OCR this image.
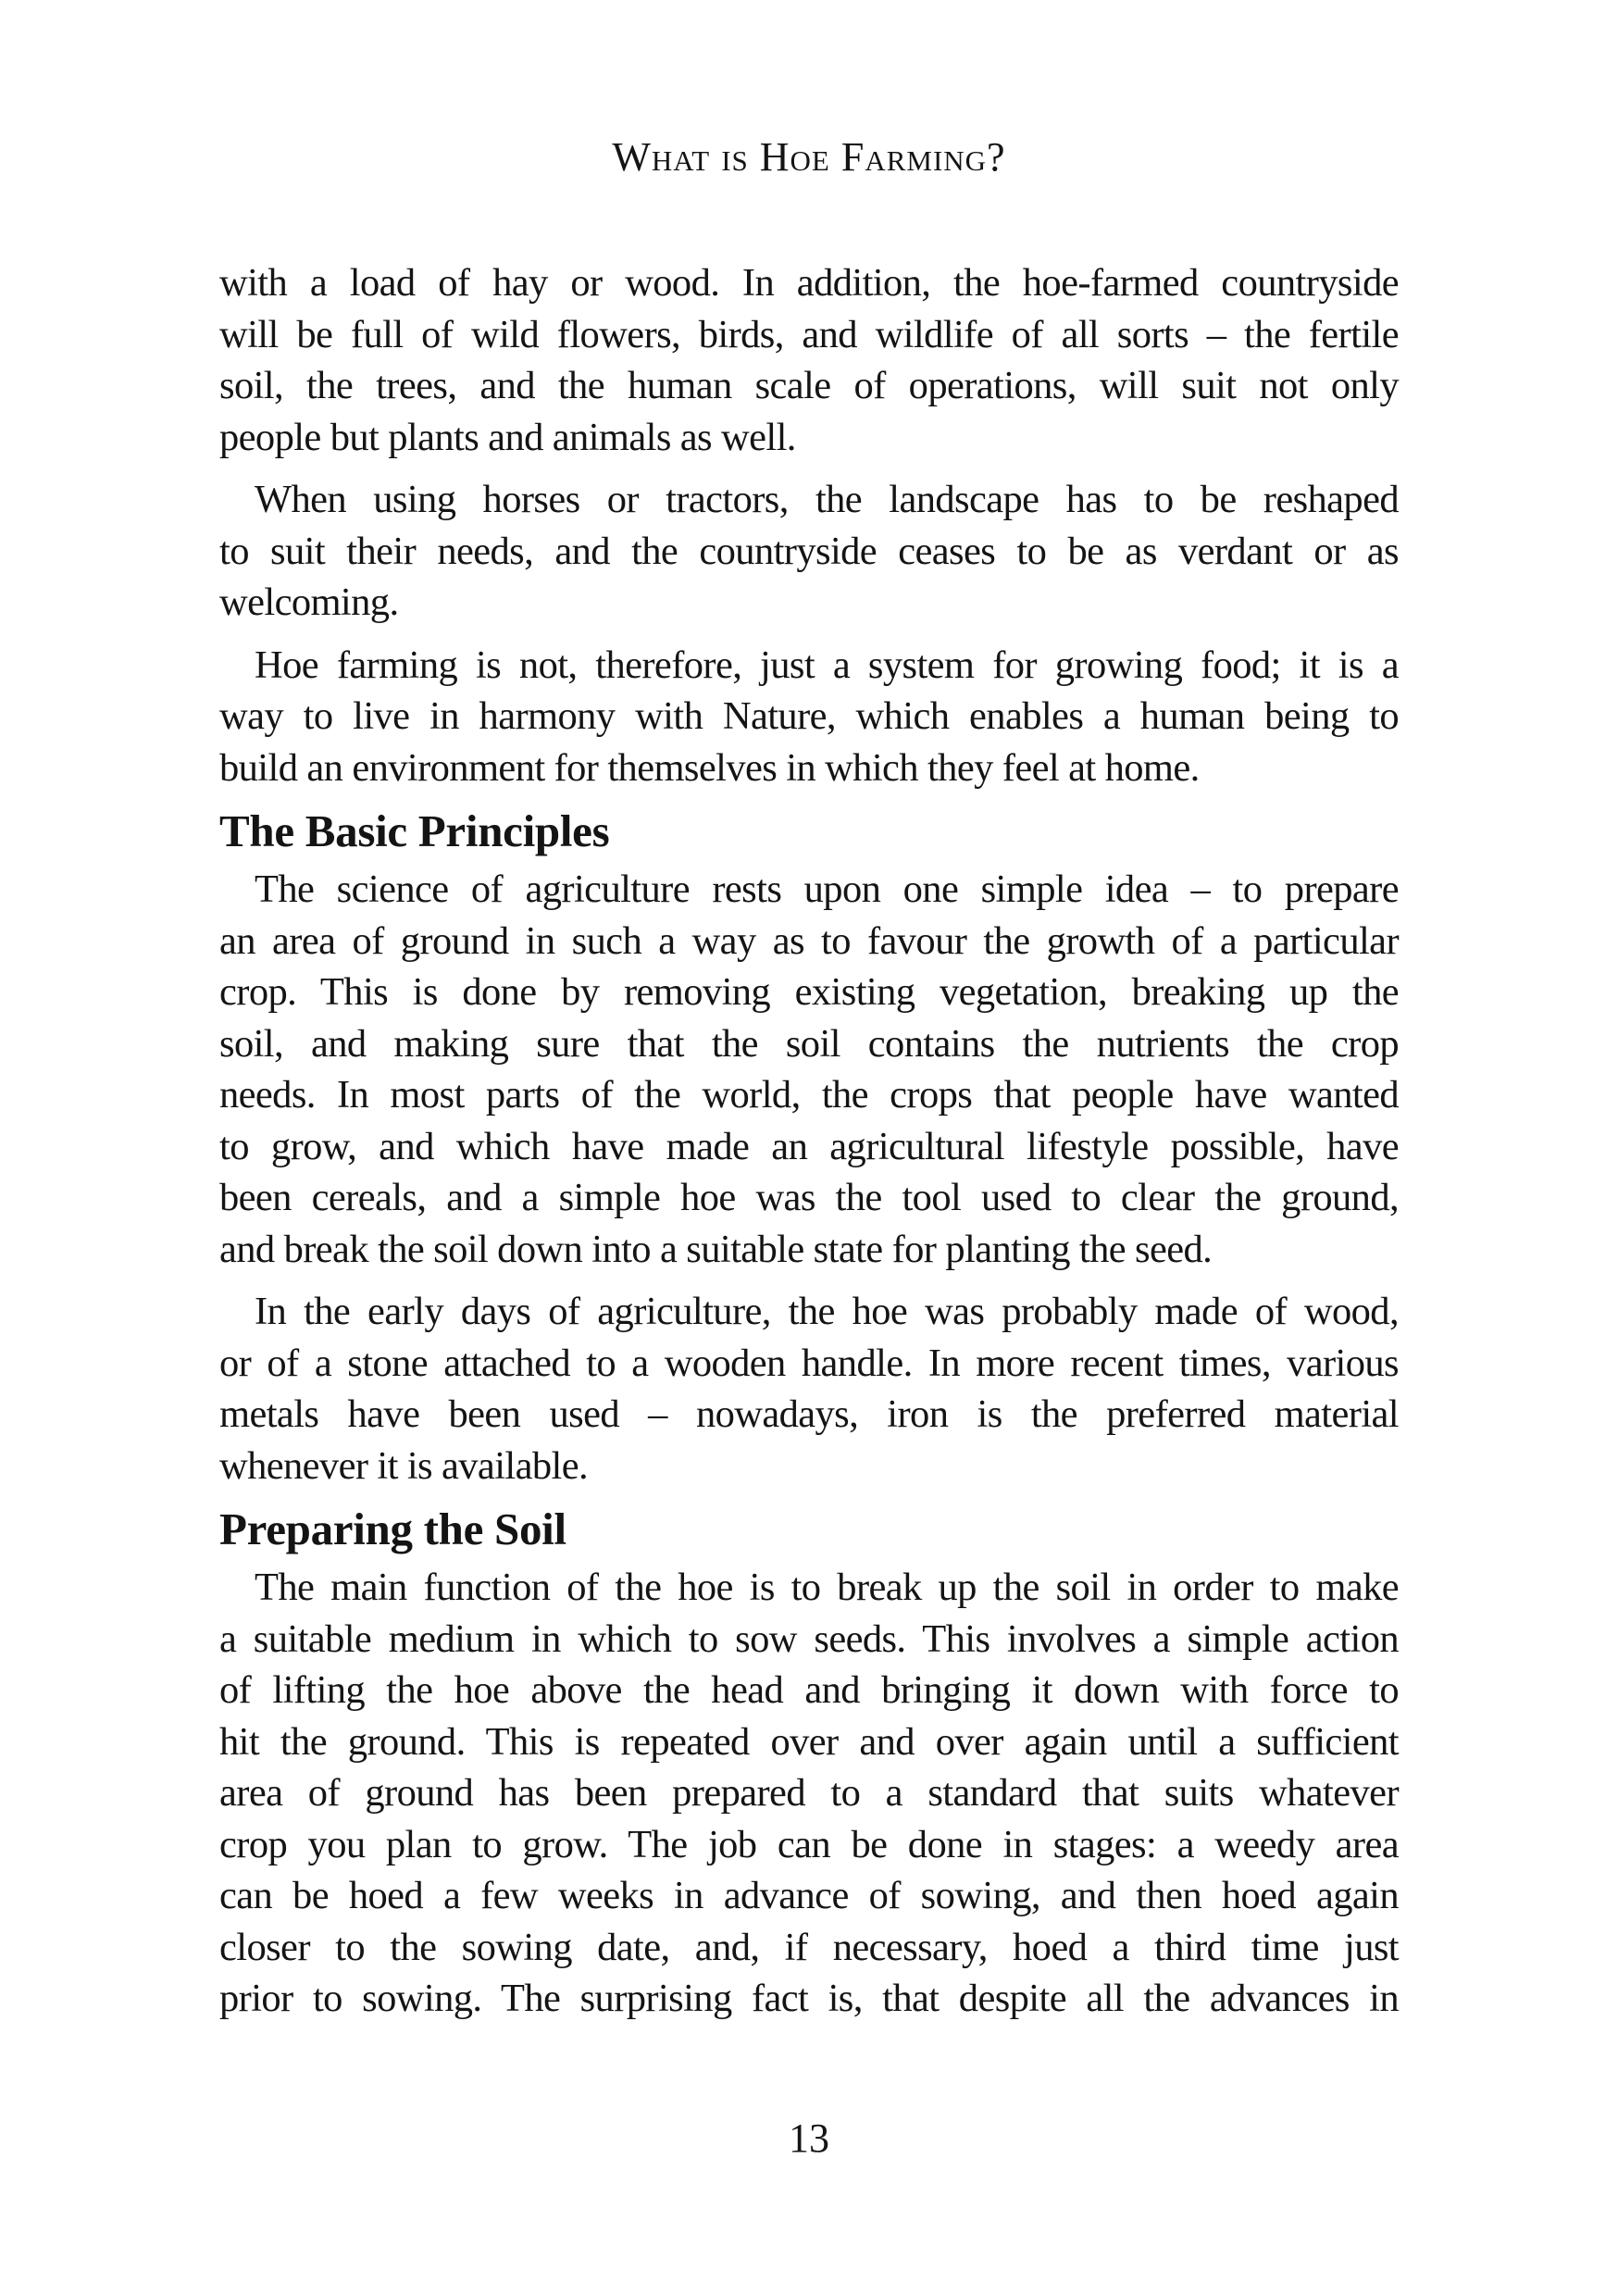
What is Hoe Farming?
with a load of hay or wood. In addition, the hoe-farmed countryside
will be full of wild flowers, birds, and wildlife of all sorts – the fertile
soil, the trees, and the human scale of operations, will suit not only
people but plants and animals as well.
When using horses or tractors, the landscape has to be reshaped
to suit their needs, and the countryside ceases to be as verdant or as
welcoming.
Hoe farming is not, therefore, just a system for growing food; it is a
way to live in harmony with Nature, which enables a human being to
build an environment for themselves in which they feel at home.
The Basic Principles
The science of agriculture rests upon one simple idea – to prepare
an area of ground in such a way as to favour the growth of a particular
crop. This is done by removing existing vegetation, breaking up the
soil, and making sure that the soil contains the nutrients the crop
needs. In most parts of the world, the crops that people have wanted
to grow, and which have made an agricultural lifestyle possible, have
been cereals, and a simple hoe was the tool used to clear the ground,
and break the soil down into a suitable state for planting the seed.
In the early days of agriculture, the hoe was probably made of wood,
or of a stone attached to a wooden handle. In more recent times, various
metals have been used – nowadays, iron is the preferred material
whenever it is available.
Preparing the Soil
The main function of the hoe is to break up the soil in order to make
a suitable medium in which to sow seeds. This involves a simple action
of lifting the hoe above the head and bringing it down with force to
hit the ground. This is repeated over and over again until a sufficient
area of ground has been prepared to a standard that suits whatever
crop you plan to grow. The job can be done in stages: a weedy area
can be hoed a few weeks in advance of sowing, and then hoed again
closer to the sowing date, and, if necessary, hoed a third time just
prior to sowing. The surprising fact is, that despite all the advances in
13
